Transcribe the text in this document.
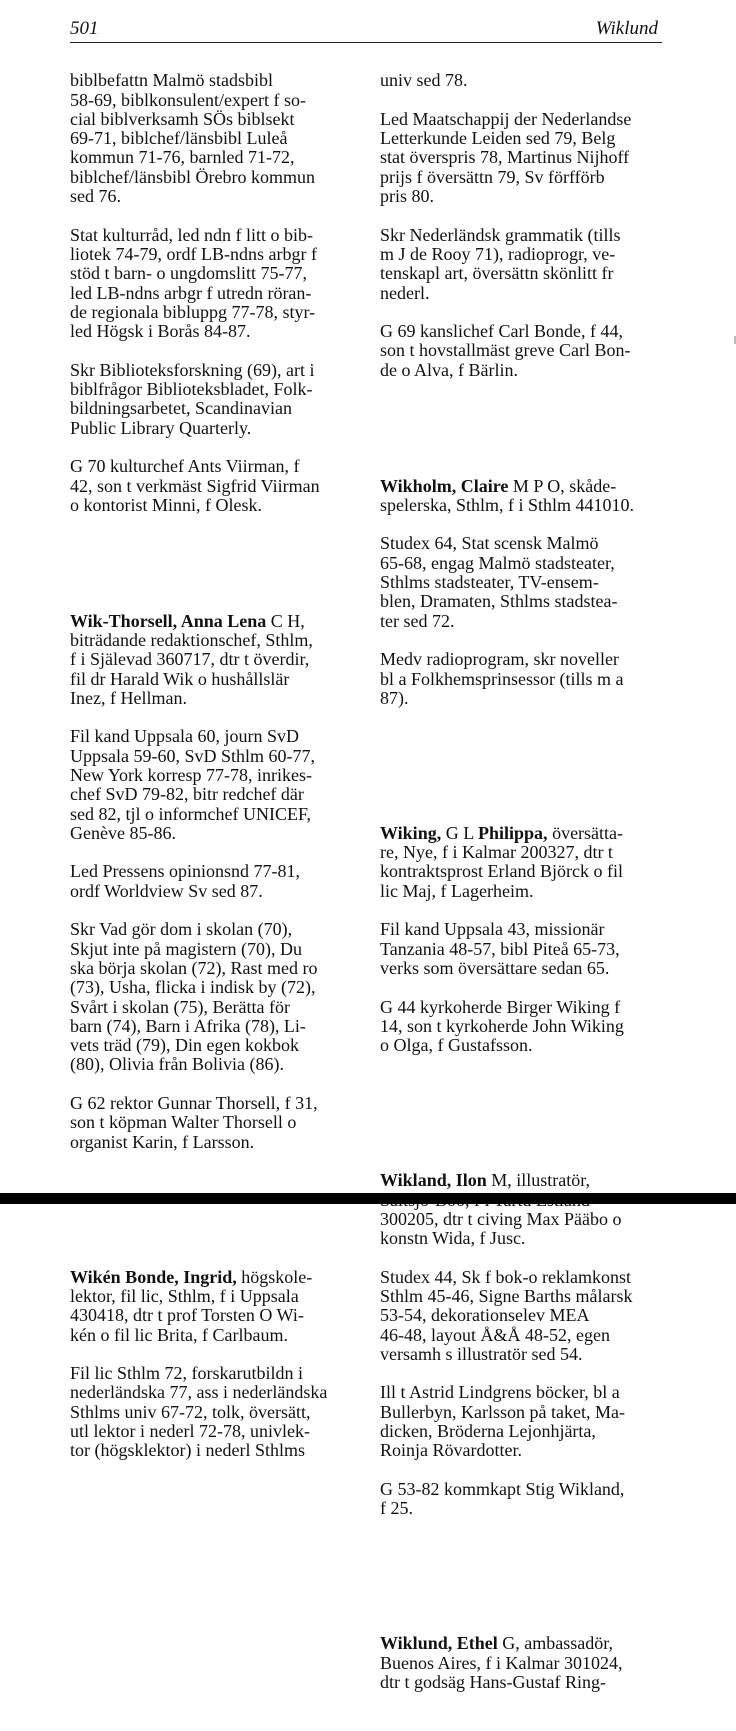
501	Wiklund

biblbefattn Malmö stadsbibl
58-69, biblkonsulent/expert f so-
cial biblverksamh SÖs biblsekt
69-71, biblchef/länsbibl Luleå
kommun 71-76, barnled 71-72,
biblchef/länsbibl Örebro kommun
sed 76.

Stat kulturråd, led ndn f litt o bib-
liotek 74-79, ordf LB-ndns arbgr f
stöd t barn- o ungdomslitt 75-77,
led LB-ndns arbgr f utredn röran-
de regionala bibluppg 77-78, styr-
led Högsk i Borås 84-87.

Skr Biblioteksforskning (69), art i
biblfrågor Biblioteksbladet, Folk-
bildningsarbetet, Scandinavian
Public Library Quarterly.

G 70 kulturchef Ants Viirman, f
42, son t verkmäst Sigfrid Viirman
o kontorist Minni, f Olesk.

Wik-Thorsell, Anna Lena C H,
biträdande redaktionschef, Sthlm,
f i Själevad 360717, dtr t överdir,
fil dr Harald Wik o hushållslär
Inez, f Hellman.

Fil kand Uppsala 60, journ SvD
Uppsala 59-60, SvD Sthlm 60-77,
New York korresp 77-78, inrikes-
chef SvD 79-82, bitr redchef där
sed 82, tjl o informchef UNICEF,
Genève 85-86.

Led Pressens opinionsnd 77-81,
ordf Worldview Sv sed 87.

Skr Vad gör dom i skolan (70),
Skjut inte på magistern (70), Du
ska börja skolan (72), Rast med ro
(73), Usha, flicka i indisk by (72),
Svårt i skolan (75), Berätta för
barn (74), Barn i Afrika (78), Li-
vets träd (79), Din egen kokbok
(80), Olivia från Bolivia (86).

G 62 rektor Gunnar Thorsell, f 31,
son t köpman Walter Thorsell o
organist Karin, f Larsson.

Wikén Bonde, Ingrid, högskole-
lektor, fil lic, Sthlm, f i Uppsala
430418, dtr t prof Torsten O Wi-
kén o fil lic Brita, f Carlbaum.

Fil lic Sthlm 72, forskarutbildn i
nederländska 77, ass i nederländska
Sthlms univ 67-72, tolk, översätt,
utl lektor i nederl 72-78, univlek-
tor (högsklektor) i nederl Sthlms

univ sed 78.

Led Maatschappij der Nederlandse
Letterkunde Leiden sed 79, Belg
stat överspris 78, Martinus Nijhoff
prijs f översättn 79, Sv förfförb
pris 80.

Skr Nederländsk grammatik (tills
m J de Rooy 71), radioprogr, ve-
tenskapl art, översättn skönlitt fr
nederl.

G 69 kanslichef Carl Bonde, f 44,
son t hovstallmäst greve Carl Bon-
de o Alva, f Bärlin.

Wikholm, Claire M P O, skåde-
spelerska, Sthlm, f i Sthlm 441010.

Studex 64, Stat scensk Malmö
65-68, engag Malmö stadsteater,
Sthlms stadsteater, TV-ensem-
blen, Dramaten, Sthlms stadstea-
ter sed 72.

Medv radioprogram, skr noveller
bl a Folkhemsprinsessor (tills m a
87).

Wiking, G L Philippa, översätta-
re, Nye, f i Kalmar 200327, dtr t
kontraktsprost Erland Björck o fil
lic Maj, f Lagerheim.

Fil kand Uppsala 43, missionär
Tanzania 48-57, bibl Piteå 65-73,
verks som översättare sedan 65.

G 44 kyrkoherde Birger Wiking f
14, son t kyrkoherde John Wiking
o Olga, f Gustafsson.

Wikland, Ilon M, illustratör,

300205, dtr t civing Max Pääbo o
konstn Wida, f Jusc.

Studex 44, Sk f bok-o reklamkonst
Sthlm 45-46, Signe Barths målarsk
53-54, dekorationselev MEA
46-48, layout Å&Å 48-52, egen
versamh s illustratör sed 54.

Ill t Astrid Lindgrens böcker, bl a
Bullerbyn, Karlsson på taket, Ma-
dicken, Bröderna Lejonhjärta,
Roinja Rövardotter.

G 53-82 kommkapt Stig Wikland,
f 25.

Wiklund, Ethel G, ambassadör,
Buenos Aires, f i Kalmar 301024,
dtr t godsäg Hans-Gustaf Ring-
